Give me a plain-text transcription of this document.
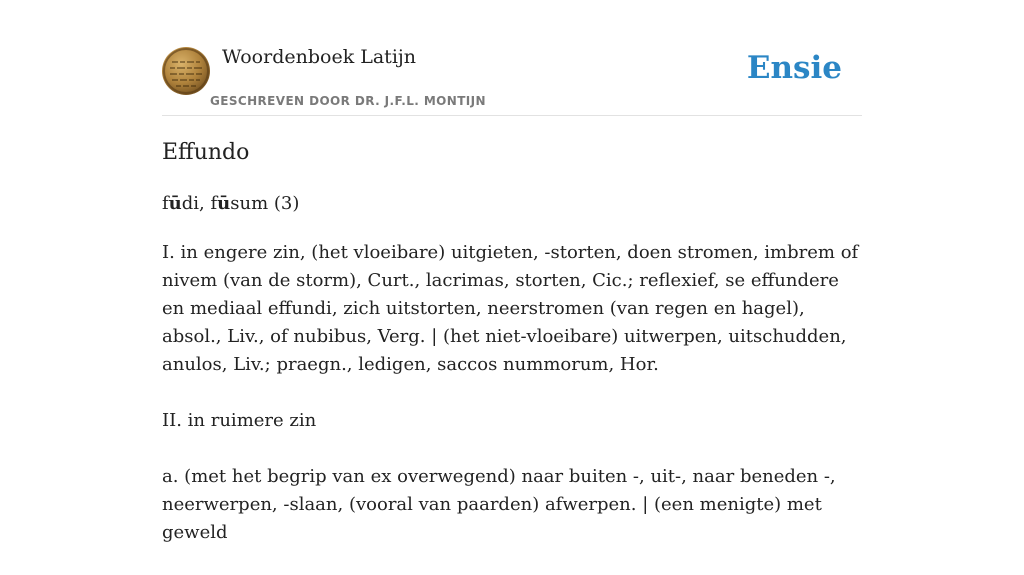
Woordenboek Latijn
GESCHREVEN DOOR DR. J.F.L. MONTIJN
Ensie
Effundo
fūdi, fūsum (3)

I. in engere zin, (het vloeibare) uitgieten, -storten, doen stromen, imbrem of nivem (van de storm), Curt., lacrimas, storten, Cic.; reflexief, se effundere en mediaal effundi, zich uitstorten, neerstromen (van regen en hagel), absol., Liv., of nubibus, Verg. | (het niet-vloeibare) uitwerpen, uitschudden, anulos, Liv.; praegn., ledigen, saccos nummorum, Hor.

II. in ruimere zin

a. (met het begrip van ex overwegend) naar buiten -, uit-, naar beneden -, neerwerpen, -slaan, (vooral van paarden) afwerpen. | (een menigte) met geweld
